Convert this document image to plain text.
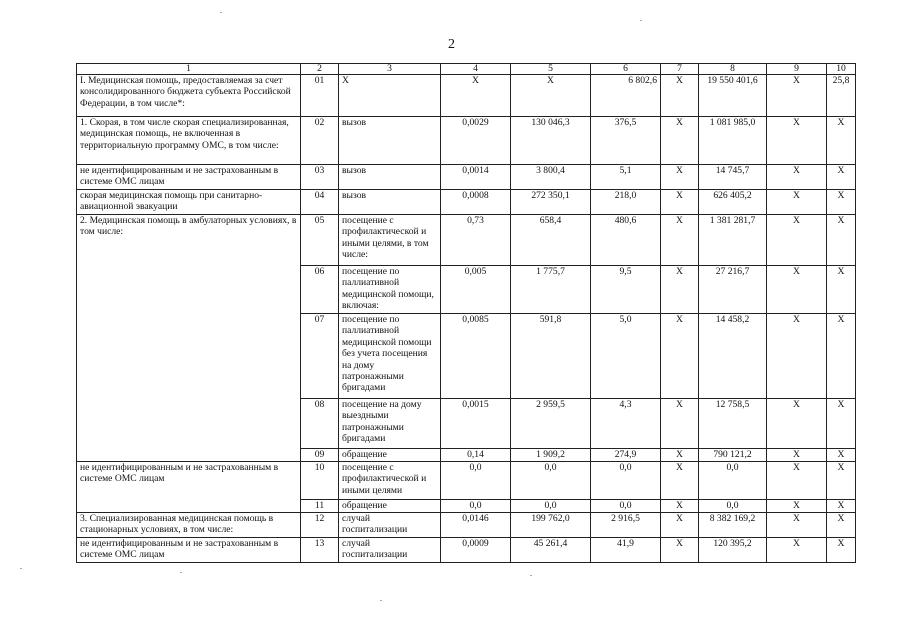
2
1	2	3	4	5	6	7	8	9	10
I. Медицинская помощь, предоставляемая за счет консолидированного бюджета субъекта Российской Федерации, в том числе*:	01	X	X	X	6 802,6	X	19 550 401,6	X	25,8
1. Скорая, в том числе скорая специализированная, медицинская помощь, не включенная в территориальную программу ОМС, в том числе:	02	вызов	0,0029	130 046,3	376,5	X	1 081 985,0	X	X
не идентифицированным и не застрахованным в системе ОМС лицам	03	вызов	0,0014	3 800,4	5,1	X	14 745,7	X	X
скорая медицинская помощь при санитарно-авиационной эвакуации	04	вызов	0,0008	272 350,1	218,0	X	626 405,2	X	X
2. Медицинская помощь в амбулаторных условиях, в том числе:	05	посещение с профилактической и иными целями, в том числе:	0,73	658,4	480,6	X	1 381 281,7	X	X
	06	посещение по паллиативной медицинской помощи, включая:	0,005	1 775,7	9,5	X	27 216,7	X	X
	07	посещение по паллиативной медицинской помощи без учета посещения на дому патронажными бригадами	0,0085	591,8	5,0	X	14 458,2	X	X
	08	посещение на дому выездными патронажными бригадами	0,0015	2 959,5	4,3	X	12 758,5	X	X
	09	обращение	0,14	1 909,2	274,9	X	790 121,2	X	X
не идентифицированным и не застрахованным в системе ОМС лицам	10	посещение с профилактической и иными целями	0,0	0,0	0,0	X	0,0	X	X
	11	обращение	0,0	0,0	0,0	X	0,0	X	X
3. Специализированная медицинская помощь в стационарных условиях, в том числе:	12	случай госпитализации	0,0146	199 762,0	2 916,5	X	8 382 169,2	X	X
не идентифицированным и не застрахованным в системе ОМС лицам	13	случай госпитализации	0,0009	45 261,4	41,9	X	120 395,2	X	X
